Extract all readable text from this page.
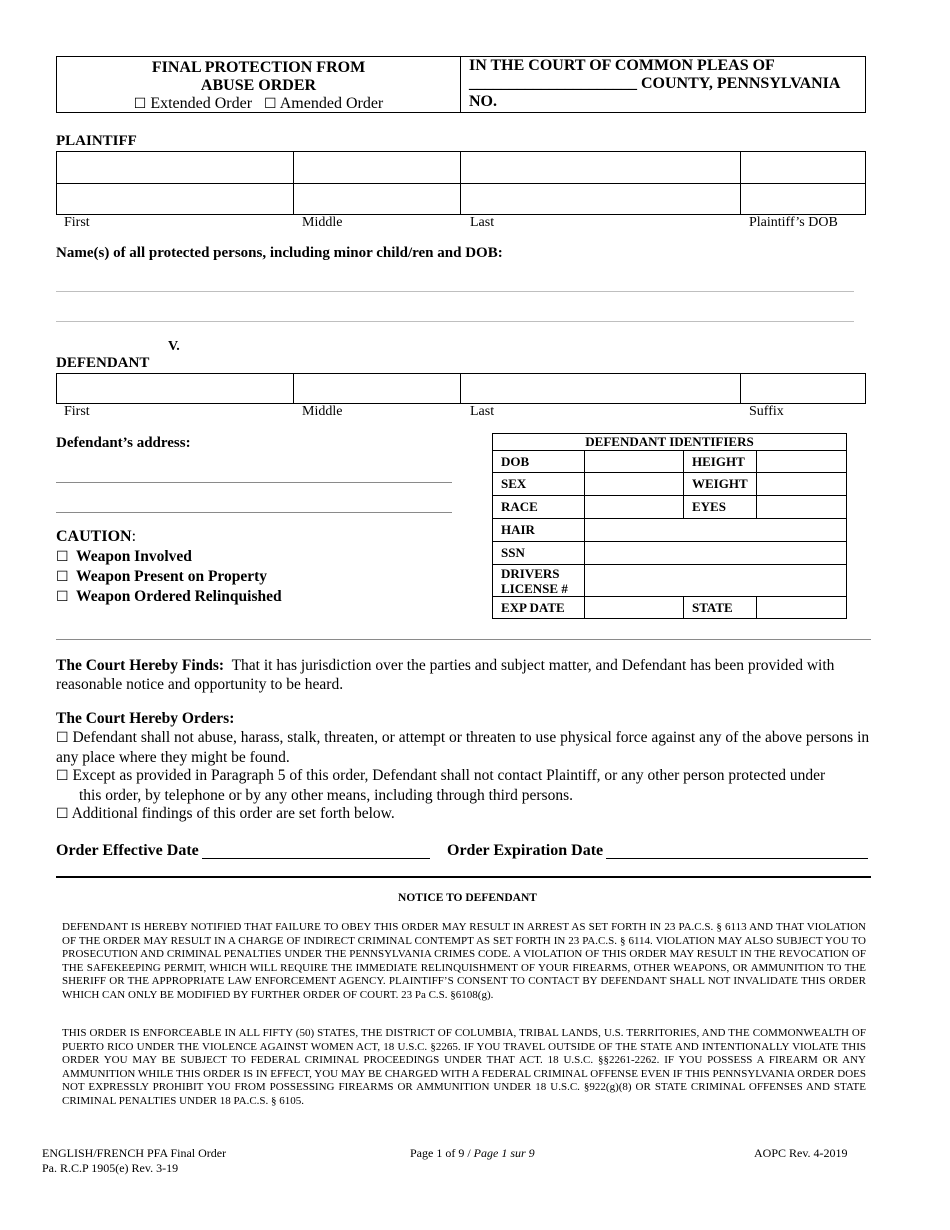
FINAL PROTECTION FROM
ABUSE ORDER
☐ Extended Order ☐ Amended Order
IN THE COURT OF COMMON PLEAS OF
_____________________ COUNTY, PENNSYLVANIA
NO.
PLAINTIFF
First	Middle	Last	Plaintiff’s DOB
Name(s) of all protected persons, including minor child/ren and DOB:
V.
DEFENDANT
First	Middle	Last	Suffix
Defendant’s address:
CAUTION:
☐ Weapon Involved
☐ Weapon Present on Property
☐ Weapon Ordered Relinquished
DEFENDANT IDENTIFIERS			
DOB		HEIGHT	
SEX		WEIGHT	
RACE		EYES	
HAIR			
SSN			

DRIVERS
LICENSE #			

EXP DATE		STATE	
The Court Hereby Finds: That it has jurisdiction over the parties and subject matter, and Defendant has been provided with reasonable notice and opportunity to be heard.
The Court Hereby Orders:
☐ Defendant shall not abuse, harass, stalk, threaten, or attempt or threaten to use physical force against any of the above persons in any place where they might be found.
☐ Except as provided in Paragraph 5 of this order, Defendant shall not contact Plaintiff, or any other person protected under
this order, by telephone or by any other means, including through third persons.
☐ Additional findings of this order are set forth below.
Order Effective Date	Order Expiration Date
NOTICE TO DEFENDANT
DEFENDANT IS HEREBY NOTIFIED THAT FAILURE TO OBEY THIS ORDER MAY RESULT IN ARREST AS SET FORTH IN 23 PA.C.S. § 6113 AND THAT VIOLATION OF THE ORDER MAY RESULT IN A CHARGE OF INDIRECT CRIMINAL CONTEMPT AS SET FORTH IN 23 PA.C.S. § 6114. VIOLATION MAY ALSO SUBJECT YOU TO PROSECUTION AND CRIMINAL PENALTIES UNDER THE PENNSYLVANIA CRIMES CODE. A VIOLATION OF THIS ORDER MAY RESULT IN THE REVOCATION OF THE SAFEKEEPING PERMIT, WHICH WILL REQUIRE THE IMMEDIATE RELINQUISHMENT OF YOUR FIREARMS, OTHER WEAPONS, OR AMMUNITION TO THE SHERIFF OR THE APPROPRIATE LAW ENFORCEMENT AGENCY. PLAINTIFF’S CONSENT TO CONTACT BY DEFENDANT SHALL NOT INVALIDATE THIS ORDER WHICH CAN ONLY BE MODIFIED BY FURTHER ORDER OF COURT. 23 Pa C.S. §6108(g).
THIS ORDER IS ENFORCEABLE IN ALL FIFTY (50) STATES, THE DISTRICT OF COLUMBIA, TRIBAL LANDS, U.S. TERRITORIES, AND THE COMMONWEALTH OF PUERTO RICO UNDER THE VIOLENCE AGAINST WOMEN ACT, 18 U.S.C. §2265. IF YOU TRAVEL OUTSIDE OF THE STATE AND INTENTIONALLY VIOLATE THIS ORDER YOU MAY BE SUBJECT TO FEDERAL CRIMINAL PROCEEDINGS UNDER THAT ACT. 18 U.S.C. §§2261-2262. IF YOU POSSESS A FIREARM OR ANY AMMUNITION WHILE THIS ORDER IS IN EFFECT, YOU MAY BE CHARGED WITH A FEDERAL CRIMINAL OFFENSE EVEN IF THIS PENNSYLVANIA ORDER DOES NOT EXPRESSLY PROHIBIT YOU FROM POSSESSING FIREARMS OR AMMUNITION UNDER 18 U.S.C. §922(g)(8) OR STATE CRIMINAL OFFENSES AND STATE CRIMINAL PENALTIES UNDER 18 PA.C.S. § 6105.
ENGLISH/FRENCH PFA Final Order
Pa. R.C.P 1905(e) Rev. 3-19
Page 1 of 9 / Page 1 sur 9	AOPC Rev. 4-2019
